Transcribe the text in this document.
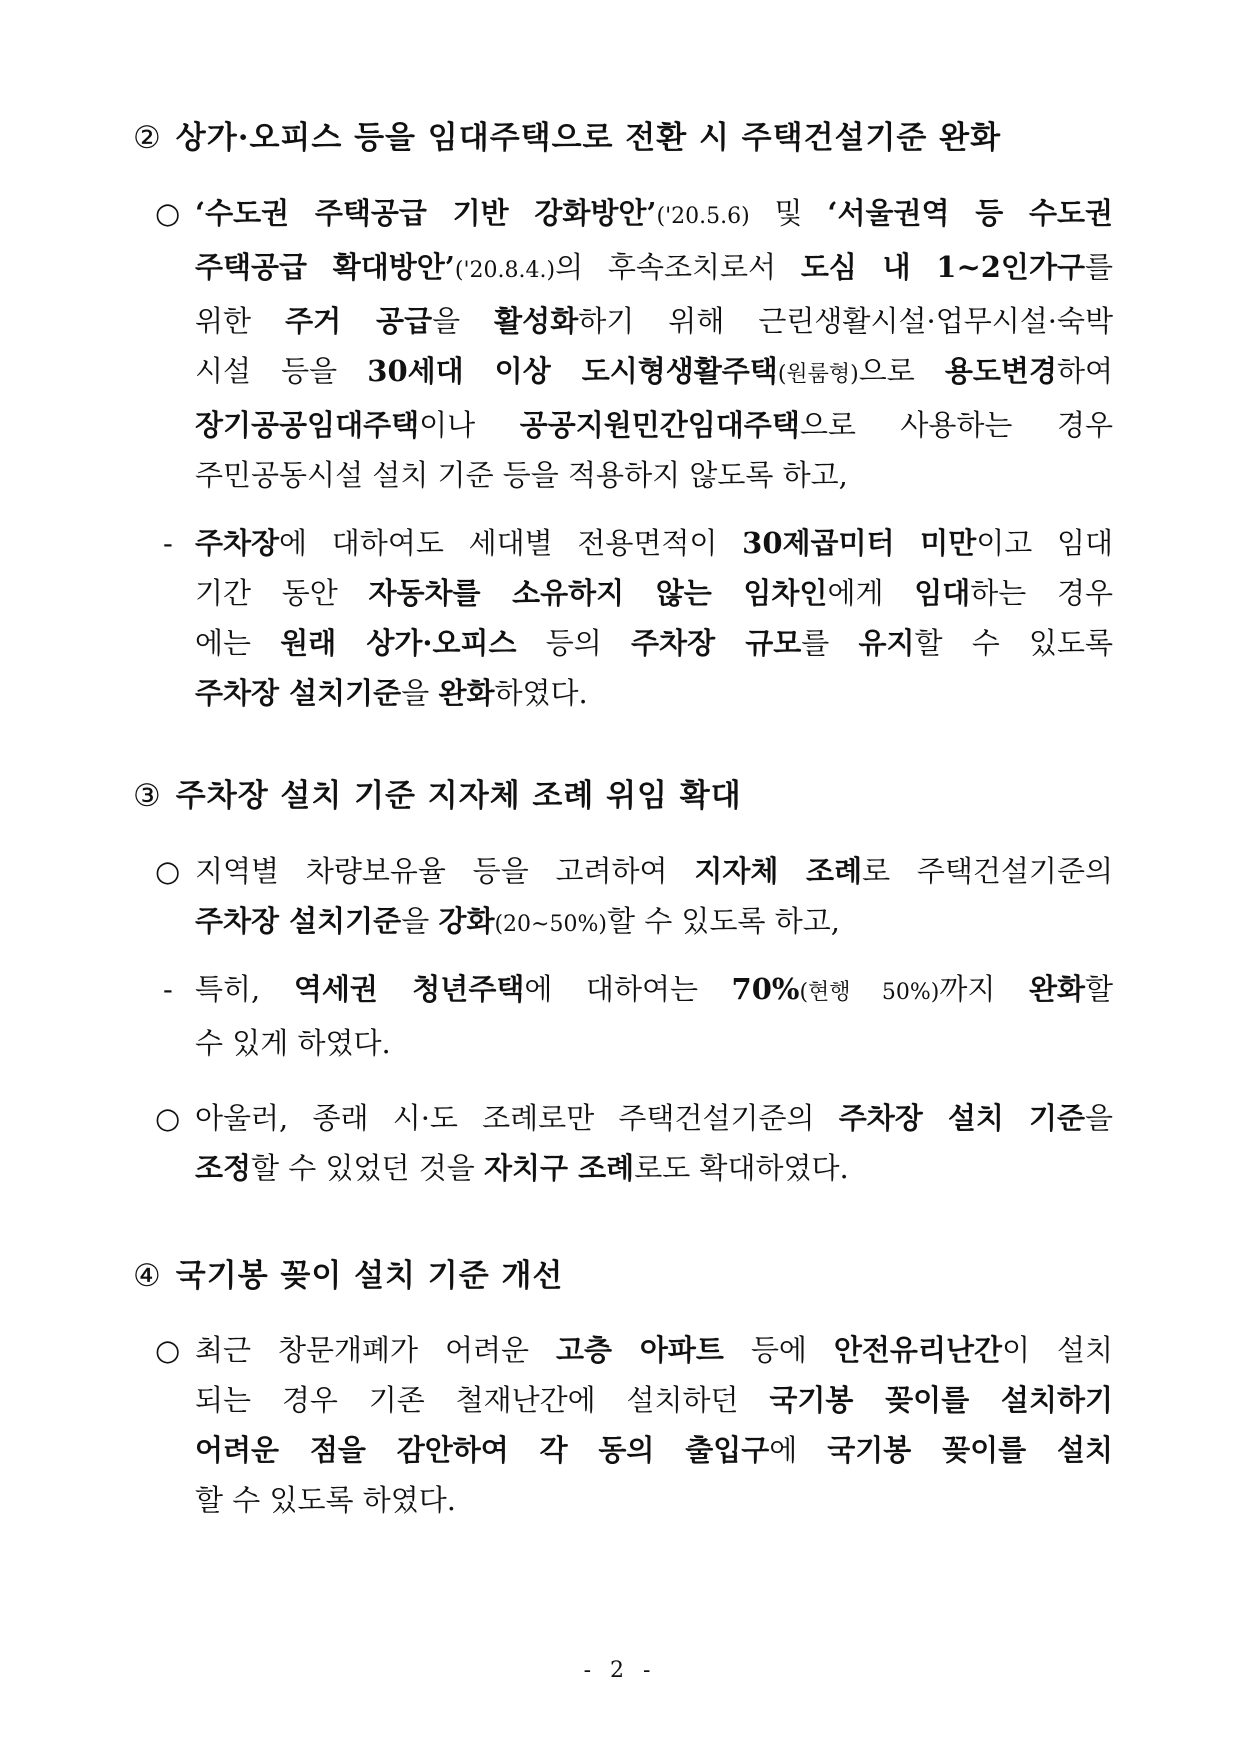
② 상가·오피스 등을 임대주택으로 전환 시 주택건설기준 완화
○ ‘수도권 주택공급 기반 강화방안’('20.5.6) 및 ‘서울권역 등 수도권
주택공급 확대방안’('20.8.4.)의 후속조치로서 도심 내 1~2인가구를
위한 주거 공급을 활성화하기 위해 근린생활시설·업무시설·숙박
시설 등을 30세대 이상 도시형생활주택(원룸형)으로 용도변경하여
장기공공임대주택이나 공공지원민간임대주택으로 사용하는 경우
주민공동시설 설치 기준 등을 적용하지 않도록 하고,
- 주차장에 대하여도 세대별 전용면적이 30제곱미터 미만이고 임대
기간 동안 자동차를 소유하지 않는 임차인에게 임대하는 경우
에는 원래 상가·오피스 등의 주차장 규모를 유지할 수 있도록
주차장 설치기준을 완화하였다.
③ 주차장 설치 기준 지자체 조례 위임 확대
○ 지역별 차량보유율 등을 고려하여 지자체 조례로 주택건설기준의
주차장 설치기준을 강화(20~50%)할 수 있도록 하고,
- 특히, 역세권 청년주택에 대하여는 70%(현행 50%)까지 완화할
수 있게 하였다.
○ 아울러, 종래 시·도 조례로만 주택건설기준의 주차장 설치 기준을
조정할 수 있었던 것을 자치구 조례로도 확대하였다.
④ 국기봉 꽂이 설치 기준 개선
○ 최근 창문개폐가 어려운 고층 아파트 등에 안전유리난간이 설치
되는 경우 기존 철재난간에 설치하던 국기봉 꽂이를 설치하기
어려운 점을 감안하여 각 동의 출입구에 국기봉 꽂이를 설치
할 수 있도록 하였다.
- 2 -
